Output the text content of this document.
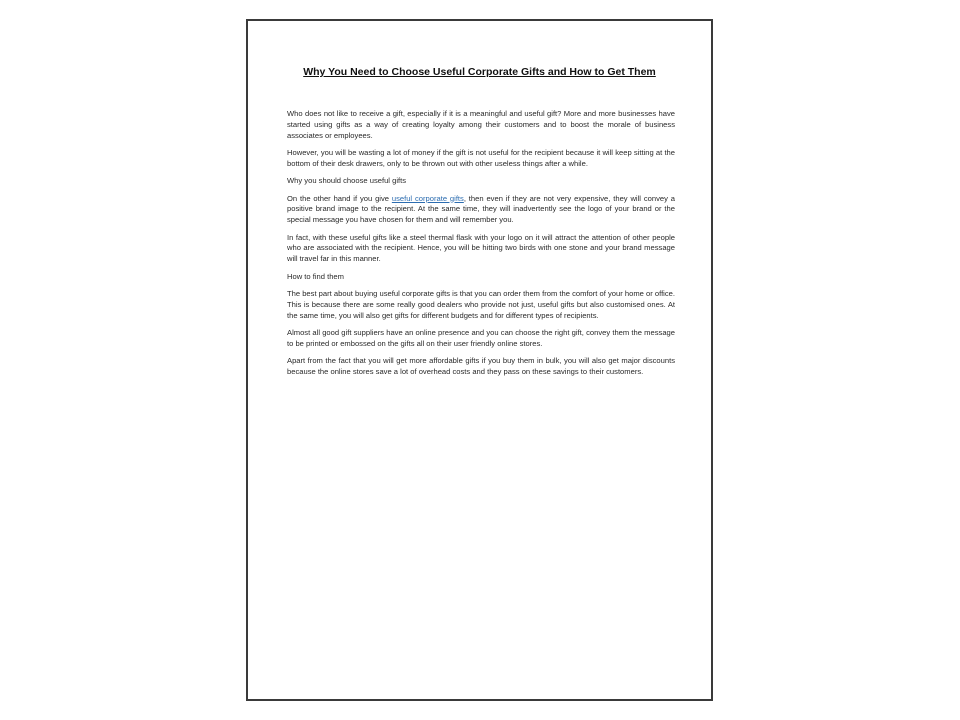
Why You Need to Choose Useful Corporate Gifts and How to Get Them

Who does not like to receive a gift, especially if it is a meaningful and useful gift? More and more businesses have started using gifts as a way of creating loyalty among their customers and to boost the morale of business associates or employees.

However, you will be wasting a lot of money if the gift is not useful for the recipient because it will keep sitting at the bottom of their desk drawers, only to be thrown out with other useless things after a while.

Why you should choose useful gifts

On the other hand if you give useful corporate gifts, then even if they are not very expensive, they will convey a positive brand image to the recipient. At the same time, they will inadvertently see the logo of your brand or the special message you have chosen for them and will remember you.

In fact, with these useful gifts like a steel thermal flask with your logo on it will attract the attention of other people who are associated with the recipient. Hence, you will be hitting two birds with one stone and your brand message will travel far in this manner.

How to find them

The best part about buying useful corporate gifts is that you can order them from the comfort of your home or office. This is because there are some really good dealers who provide not just, useful gifts but also customised ones. At the same time, you will also get gifts for different budgets and for different types of recipients.

Almost all good gift suppliers have an online presence and you can choose the right gift, convey them the message to be printed or embossed on the gifts all on their user friendly online stores.

Apart from the fact that you will get more affordable gifts if you buy them in bulk, you will also get major discounts because the online stores save a lot of overhead costs and they pass on these savings to their customers.
